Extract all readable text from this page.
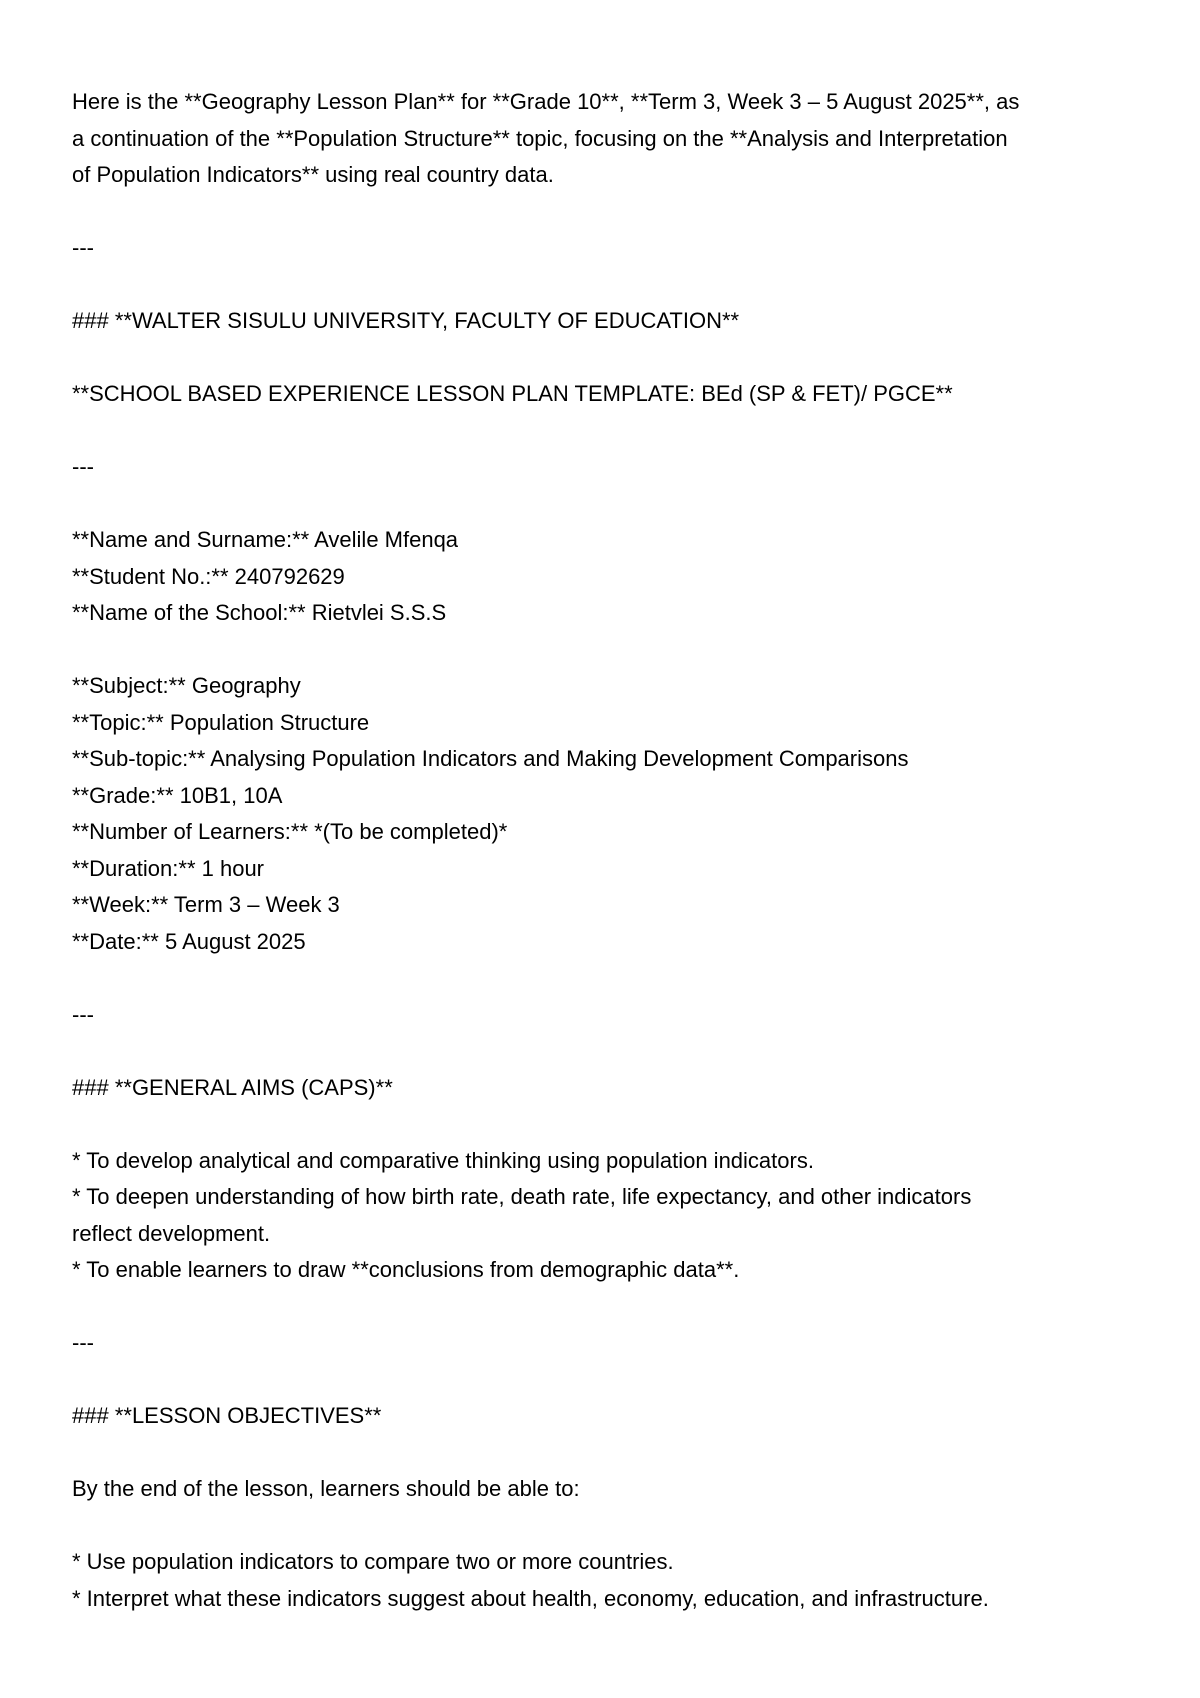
Here is the **Geography Lesson Plan** for **Grade 10**, **Term 3, Week 3 – 5 August 2025**, as

a continuation of the **Population Structure** topic, focusing on the **Analysis and Interpretation

of Population Indicators** using real country data.

---

### **WALTER SISULU UNIVERSITY, FACULTY OF EDUCATION**

**SCHOOL BASED EXPERIENCE LESSON PLAN TEMPLATE: BEd (SP & FET)/ PGCE**

---

**Name and Surname:** Avelile Mfenqa

**Student No.:** 240792629

**Name of the School:** Rietvlei S.S.S

**Subject:** Geography

**Topic:** Population Structure

**Sub-topic:** Analysing Population Indicators and Making Development Comparisons

**Grade:** 10B1, 10A

**Number of Learners:** *(To be completed)*

**Duration:** 1 hour

**Week:** Term 3 – Week 3

**Date:** 5 August 2025

---

### **GENERAL AIMS (CAPS)**

* To develop analytical and comparative thinking using population indicators.

* To deepen understanding of how birth rate, death rate, life expectancy, and other indicators

reflect development.

* To enable learners to draw **conclusions from demographic data**.

---

### **LESSON OBJECTIVES**

By the end of the lesson, learners should be able to:

* Use population indicators to compare two or more countries.

* Interpret what these indicators suggest about health, economy, education, and infrastructure.
